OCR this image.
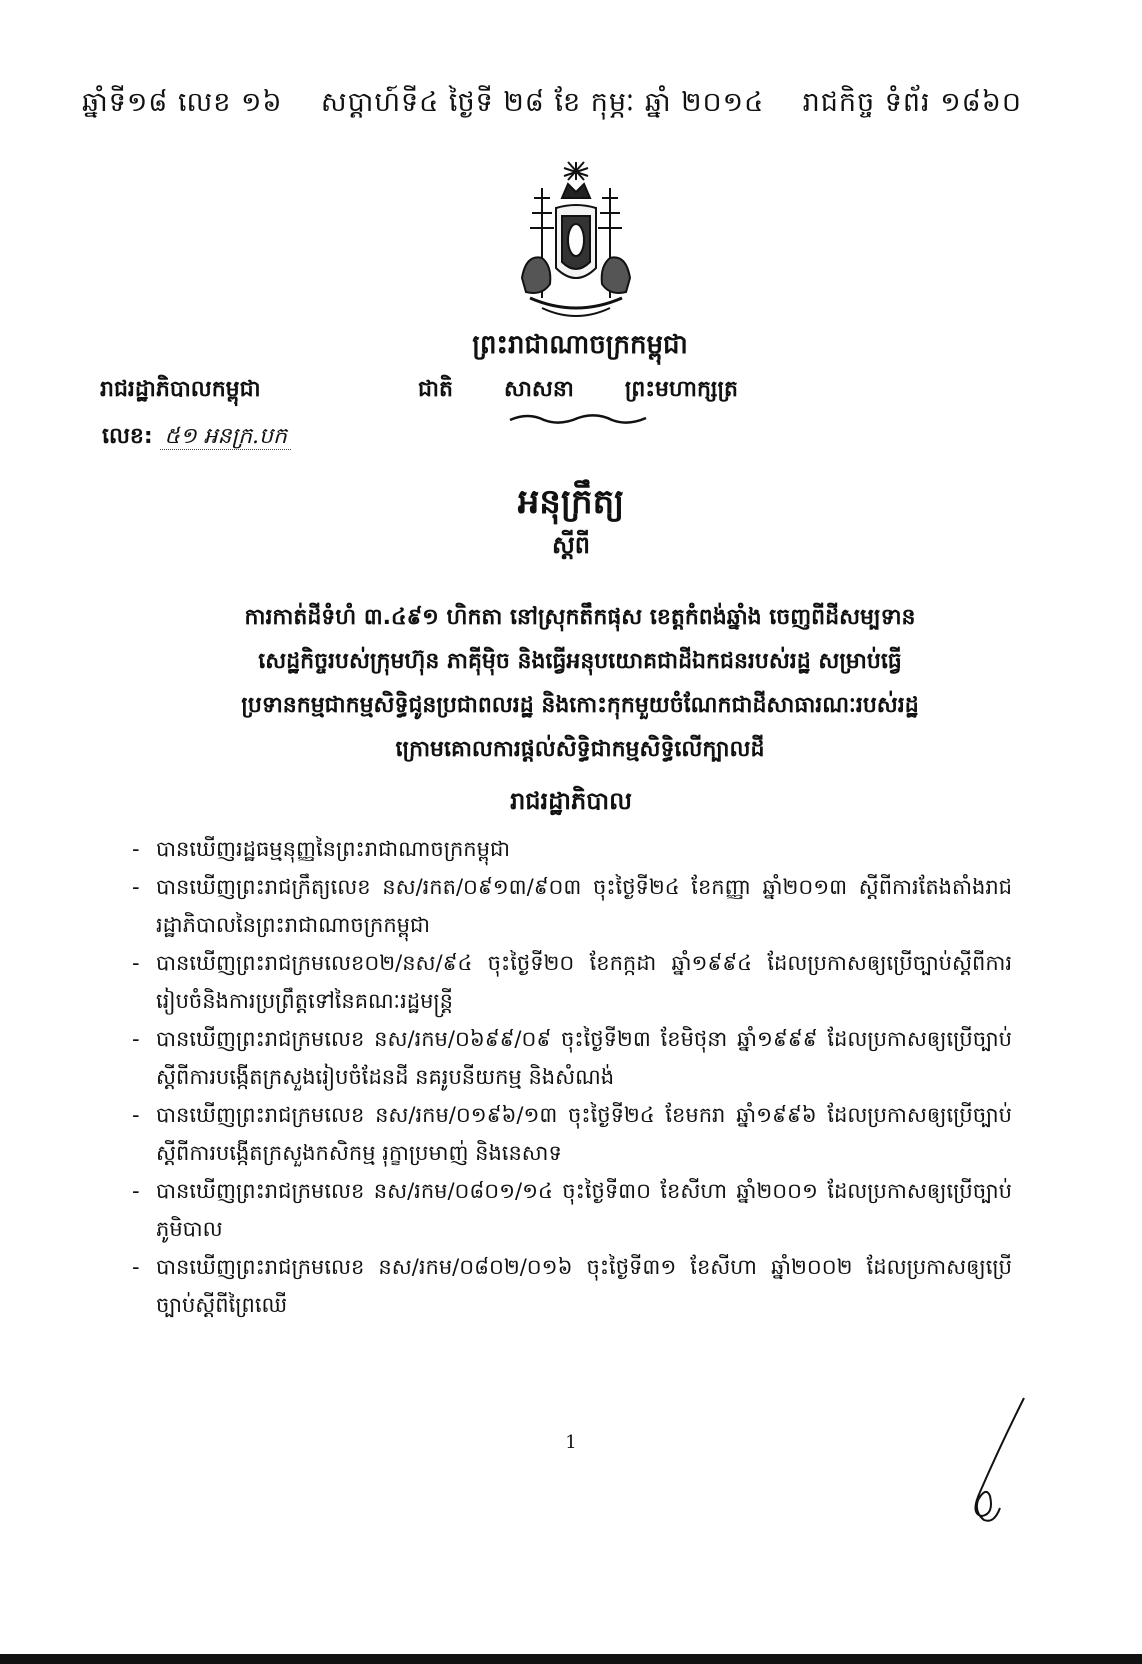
ឆ្នាំទី១៨ លេខ ១៦ សប្ដាហ៍ទី៤ ថ្ងៃទី ២៨ ខែ កុម្ភៈ ឆ្នាំ ២០១៤ រាជកិច្ច ទំព័រ ១៨៦០
ព្រះរាជាណាចក្រកម្ពុជា
រាជរដ្ឋាភិបាលកម្ពុជា	ជាតិ សាសនា ព្រះមហាក្សត្រ
លេខ: ៥១ អនក្រ.បក
អនុក្រឹត្យ
ស្ដីពី
ការកាត់ដីទំហំ ៣.៤៩១ ហិកតា នៅស្រុកតឹកផុស ខេត្តកំពង់ឆ្នាំង ចេញពីដីសម្បទាន
សេដ្ឋកិច្ចរបស់ក្រុមហ៊ុន ភាគ៉ីម៉ិច និងធ្វើអនុបយោគជាដីឯកជនរបស់រដ្ឋ សម្រាប់ធ្វើ
ប្រទានកម្មជាកម្មសិទ្ធិជូនប្រជាពលរដ្ឋ និងកោះកុកមួយចំណែកជាដីសាធារណៈរបស់រដ្ឋ
ក្រោមគោលការផ្ដល់សិទ្ធិជាកម្មសិទ្ធិលើក្បាលដី
រាជរដ្ឋាភិបាល
- បានឃើញរដ្ឋធម្មនុញ្ញនៃព្រះរាជាណាចក្រកម្ពុជា
- បានឃើញព្រះរាជក្រឹត្យលេខ នស/រកត/០៩១៣/៩០៣ ចុះថ្ងៃទី២៤ ខែកញ្ញា ឆ្នាំ២០១៣ ស្ដីពីការតែងតាំងរាជរដ្ឋាភិបាលនៃព្រះរាជាណាចក្រកម្ពុជា
- បានឃើញព្រះរាជក្រមលេខ០២/នស/៩៤ ចុះថ្ងៃទី២០ ខែកក្កដា ឆ្នាំ១៩៩៤ ដែលប្រកាសឲ្យប្រើច្បាប់ស្ដីពីការរៀបចំនិងការប្រព្រឹត្តទៅនៃគណៈរដ្ឋមន្ត្រី
- បានឃើញព្រះរាជក្រមលេខ នស/រកម/០៦៩៩/០៩ ចុះថ្ងៃទី២៣ ខែមិថុនា ឆ្នាំ១៩៩៩ ដែលប្រកាសឲ្យប្រើច្បាប់ស្ដីពីការបង្កើតក្រសួងរៀបចំដែនដី នគរូបនីយកម្ម និងសំណង់
- បានឃើញព្រះរាជក្រមលេខ នស/រកម/០១៩៦/១៣ ចុះថ្ងៃទី២៤ ខែមករា ឆ្នាំ១៩៩៦ ដែលប្រកាសឲ្យប្រើច្បាប់ ស្ដីពីការបង្កើតក្រសួងកសិកម្ម រុក្ខាប្រមាញ់ និងនេសាទ
- បានឃើញព្រះរាជក្រមលេខ នស/រកម/០៨០១/១៤ ចុះថ្ងៃទី៣០ ខែសីហា ឆ្នាំ២០០១ ដែលប្រកាសឲ្យប្រើច្បាប់ភូមិបាល
- បានឃើញព្រះរាជក្រមលេខ នស/រកម/០៨០២/០១៦ ចុះថ្ងៃទី៣១ ខែសីហា ឆ្នាំ២០០២ ដែលប្រកាសឲ្យប្រើច្បាប់ស្ដីពីព្រៃឈើ
1
